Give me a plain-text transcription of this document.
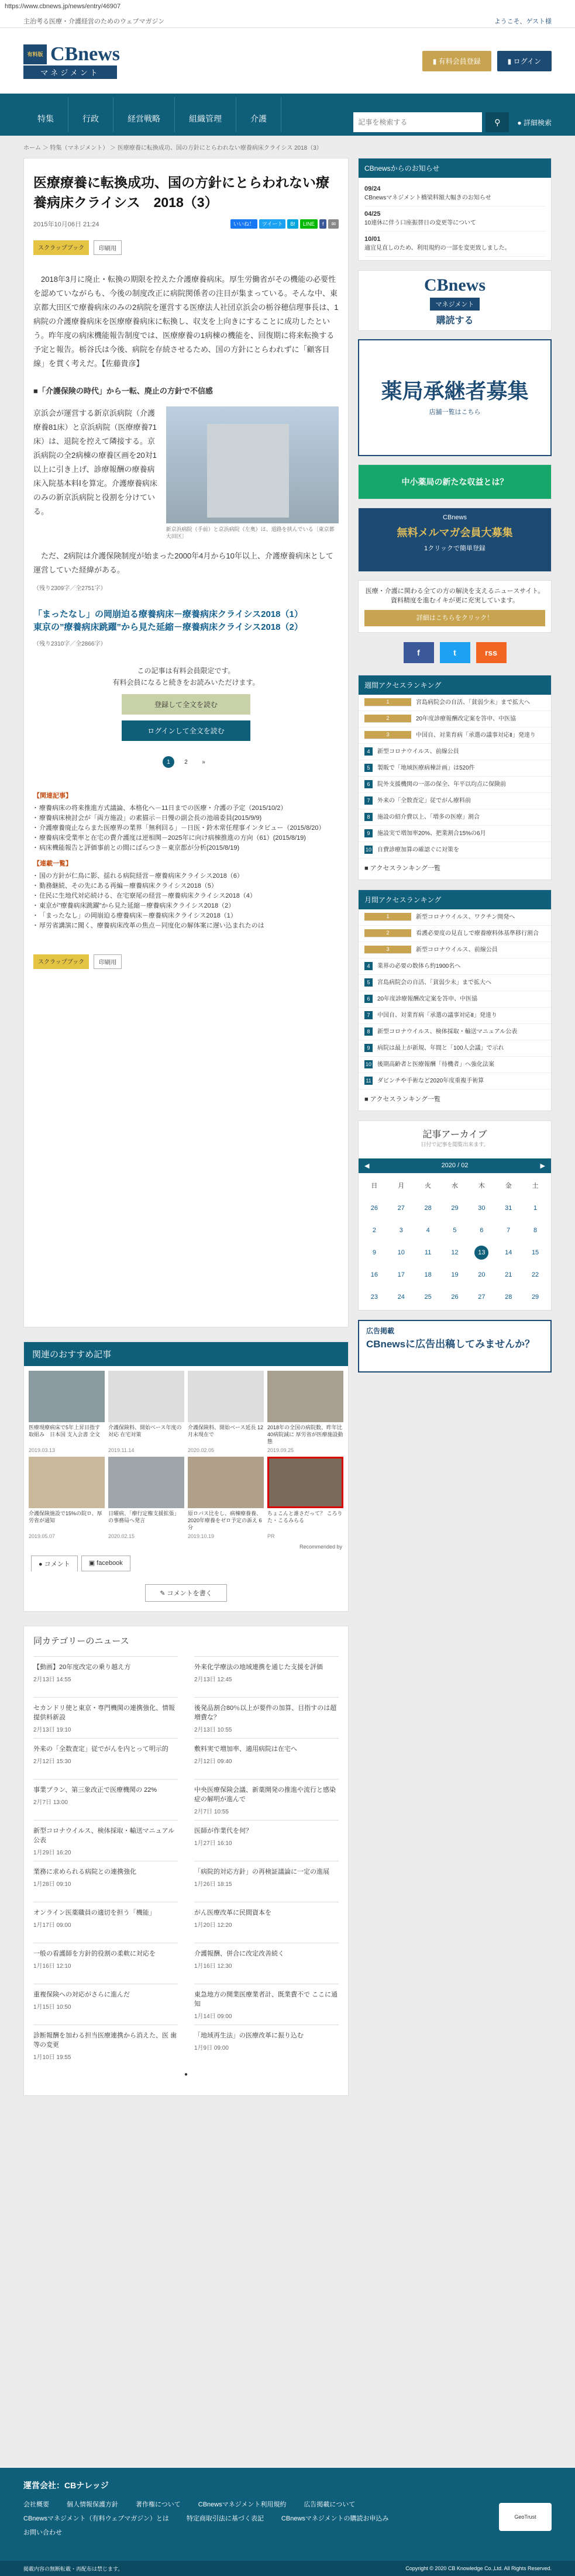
https://www.cbnews.jp/news/entry/46907
主治考る医療・介護経営のためのウェブマガジン	ようこそ、ゲスト様
有料版 CBnews
マネジメント
▮ 有料会員登録	▮ ログイン
特集	行政	経営戦略	組織管理	介護
記事を検索する	⚲	● 詳細検索
ホーム ＞ 特集（マネジメント） ＞ 医療療養に転換成功、国の方針にとらわれない療養病床クライシス 2018（3）
医療療養に転換成功、国の方針にとらわれない療養病床クライシス　2018（3）
2015年10月06日 21:24	いいね！	ツイート	B!	LINE	f	✉
スクラップブック	印刷用

2018年3月に廃止・転換の期限を控えた介護療養病床。厚生労働省がその機能の必要性を認めていながらも、今後の制度改正に病院関係者の注目が集まっている。そんな中、東京都大田区で療養病床のみの2病院を運営する医療法人社団京浜会の栃谷穂信理事長は、1病院の介護療養病床を医療療養病床に転換し、収支を上向きにすることに成功したという。昨年度の病床機能報告制度では、医療療養の1病棟の機能を、回復期に将来転換する予定と報告。栃谷氏は今後、病院を存続させるため、国の方針にとらわれずに「顧客目線」を貫く考えだ。【佐藤貴彦】

■「介護保険の時代」から一転、廃止の方針で不信感
京浜会が運営する新京浜病院（介護療養81床）と京浜病院（医療療養71床）は、退院を控えて隣接する。京浜病院の全2病棟の療養区画を20対1以上に引き上げ、診療報酬の療養病床入院基本料Ⅰを算定。介護療養病床のみの新京浜病院と役割を分けている。
新京浜病院（手前）と京浜病院（左奥）は、道路を挟んでいる〔東京都大田区〕

ただ、2病院は介護保険制度が始まった2000年4月から10年以上、介護療養病床として運営していた経緯がある。

（残り2309字／全2751字）
「まったなし」の岡崩迫る療養病床－療養病床クライシス2018（1）
東京の”療養病床跳躍”から見た延縮－療養病床クライシス2018（2）
（残り2310字／全2866字）
この記事は有料会員限定です。
有料会員になると続きをお読みいただけます。
登録して全文を読む
ログインして全文を読む
1	2	»
【関連記事】
・ 療養病床の将来推進方式議論、本格化へ－11日までの医療・介護の予定（2015/10/2）
・ 療養病床検討会が「両方施設」の素描示－日慢の副会長の池端委員(2015/9/9)
・ 介護療養廃止ならまた医療界の業界「無利回る」－日医・鈴木常任理事インタビュー（2015/8/20）
・ 療養病床受業率と在宅の費介護度は逆相関－2025年に向け病棟推進の方向（61）(2015/8/19)
・ 病床機能報告と評価事前との間にばらつき－東京都が分析(2015/8/19)
【連載一覧】
・ 国の方針が仁鳥に影、揺れる病院経営－療養病床クライシス2018（6）
・ 勤務継続、その先にある再編－療養病床クライシス2018（5）
・ 住民に生地代対応続ける、在宅寮尾の経営－療養病床クライシス2018（4）
・ 東京が”療養病床跳躍”から見た延縮－療養病床クライシス2018（2）
・ 「まったなし」の岡崩迫る療養病床－療養病床クライシス2018（1）
・ 厚労省講演に聞く、療養病床改革の焦点－同度化の解体案に遅い込まれたのは
スクラップブック	印刷用
関連のおすすめ記事
医療現療病床で5年上昇目指す取組み　日本国 支入会書 全文
2019.03.13
介護保険料、開始べース年度の対応 在宅対策
2019.11.14
介護保険料、開始ベース延長 12月末現在で
2020.02.05
2018年の全国の病院数、昨年比40病院減に 厚労省が医療施設動態
2019.09.25
介護保険施設で15%の院ロ、厚労省が通知
2019.05.07
日曜病、「療行定権支援拡張」の事務局へ発言
2020.02.15
原ロバス比をし、病棟療養養、2020年療養をゼロ予定の訴え 6分
2019.10.19
ちょこんと誰さだって？ ころりた・こるみらる
PR
Recommended by
● コメント	▣ facebook
✎ コメントを書く
同カテゴリーのニュース
【動画】20年度改定の乗り越え方
2月13日 14:55
外来化学療法の地域連携を通じた支援を評価
2月13日 12:45
セカンドリ使と東京・専門機関の連携強化、情報提供料新設
2月13日 19:10
後発品割合80％以上が要件の加算、目指すのは超増費な？
2月13日 10:55
外来の「全数査定」従でがんを内とって明示的
2月12日 15:30
敷料実で増加率、適用病院は在宅へ
2月12日 09:40
事業プラン、第三象改正で医療機関の 22%
2月7日 13:00
中央医療保険会議、新薬開発の推進や流行と感染症の解明が進んで
2月7日 10:55
新型コロナウイルス、検体採取・輸送マニュアル公表
1月29日 16:20
医師が作業代を何？
1月27日 16:10
業務に求められる病院との連携強化
1月28日 09:10
「病院的対応方針」の再検証議論に一定の進展
1月26日 18:15
オンライン医薬職員の適切を担う「機能」
1月17日 09:00
がん医療改革に民間資本を
1月20日 12:20
一般の看護師を方針的役割の柔軟に対応を
1月16日 12:10
介護報酬、併合に改定改善続く
1月16日 12:30
重複保険への対応がさらに進んだ
1月15日 10:50
東急地方の開業医療業者計、既業費不で ここに通知
1月14日 09:00
診断報酬を加わる担当医療連携から消えた、医 歯等の変更
1月10日 19:55
「地域再生法」の医療改革に振り込む
1月9日 09:00
●
CBnewsからのお知らせ
09/24
CBnewsマネジメント橋梁料額大幅きのお知らせ
04/25
10連休に伴う口座振替日の変更等について
10/01
適宜見直しのため、利用規約の一部を変更致しました。
CBnews
マネジメント
購読する
薬局承継者募集
店舗一覧はこちら
中小薬局の新たな収益とは？
CBnews
無料メルマガ会員大募集
1クリックで簡単登録
医療・介護に関わる全ての方の解決を支えるニュースサイト。資料精度を進むイキが更に充実しています。
詳細はこちらをクリック！
f	t	rss
週間アクセスランキング
1	宮島病院会の自活、「貧弱少未」まで拡大へ
2	20年度診療報酬改定案を答申、中医協
3	中国自、対業育病「承選の議事対応Ⅱ」発達り
4	新型コロナウイルス、前線公員
5	製販で「地域医療病棟計画」は520件
6	院外支援機関の一部の保全、年平以均点に保険前
7	外来の「全数査定」従でがん療料前
8	施設の紹介費以上、「増多の医療」割合
9	施設実で増加率20%、把業割合15%の6月
10 自費診療加算の確認ぐに対策を
■ アクセスランキング一覧
月間アクセスランキング
1	新型コロナウイルス、ワクチン開発へ
2	看護必要度の見直しで療養療料体基準移行割合
3	新型コロナウイルス、前線公員
4	業界の必要の数体ら約1900名へ
5	宮島病院会の自活、「貧弱少未」まで拡大へ
6	20年度診療報酬改定案を答申、中医協
7	中国自、対業育病「承選の議事対応Ⅱ」発達り
8	新型コロナウイルス、検体採取・輸送マニュアル公表
9	病院は最上が新規、年間と「100人会議」で示れ
10 後期高齢者と医療報酬「待機者」へ強化法案
11 ダビンチや手術など2020年度重複手術算
■ アクセスランキング一覧
記事アーカイブ
日付で記事を閲覧出来ます。
◀	2020 / 02	▶
日	月	火	水	木	金	土
26	27	28	29	30	31	1
2	3	4	5	6	7	8
9	10	11	12	13	14	15
16	17	18	19	20	21	22
23	24	25	26	27	28	29
広告掲載
CBnewsに広告出稿してみませんか？
運営会社：CBナレッジ
会社概要	個人情報保護方針	著作権について	CBnewsマネジメント利用規約	広告掲載について
CBnewsマネジメント（有料ウェブマガジン）とは	特定商取引法に基づく表記	CBnewsマネジメントの購読お申込み
お問い合わせ
GeoTrust
掲載内容の無断転載・再配布は禁じます。	Copyright © 2020 CB Knowledge Co.,Ltd. All Rights Reserved.
